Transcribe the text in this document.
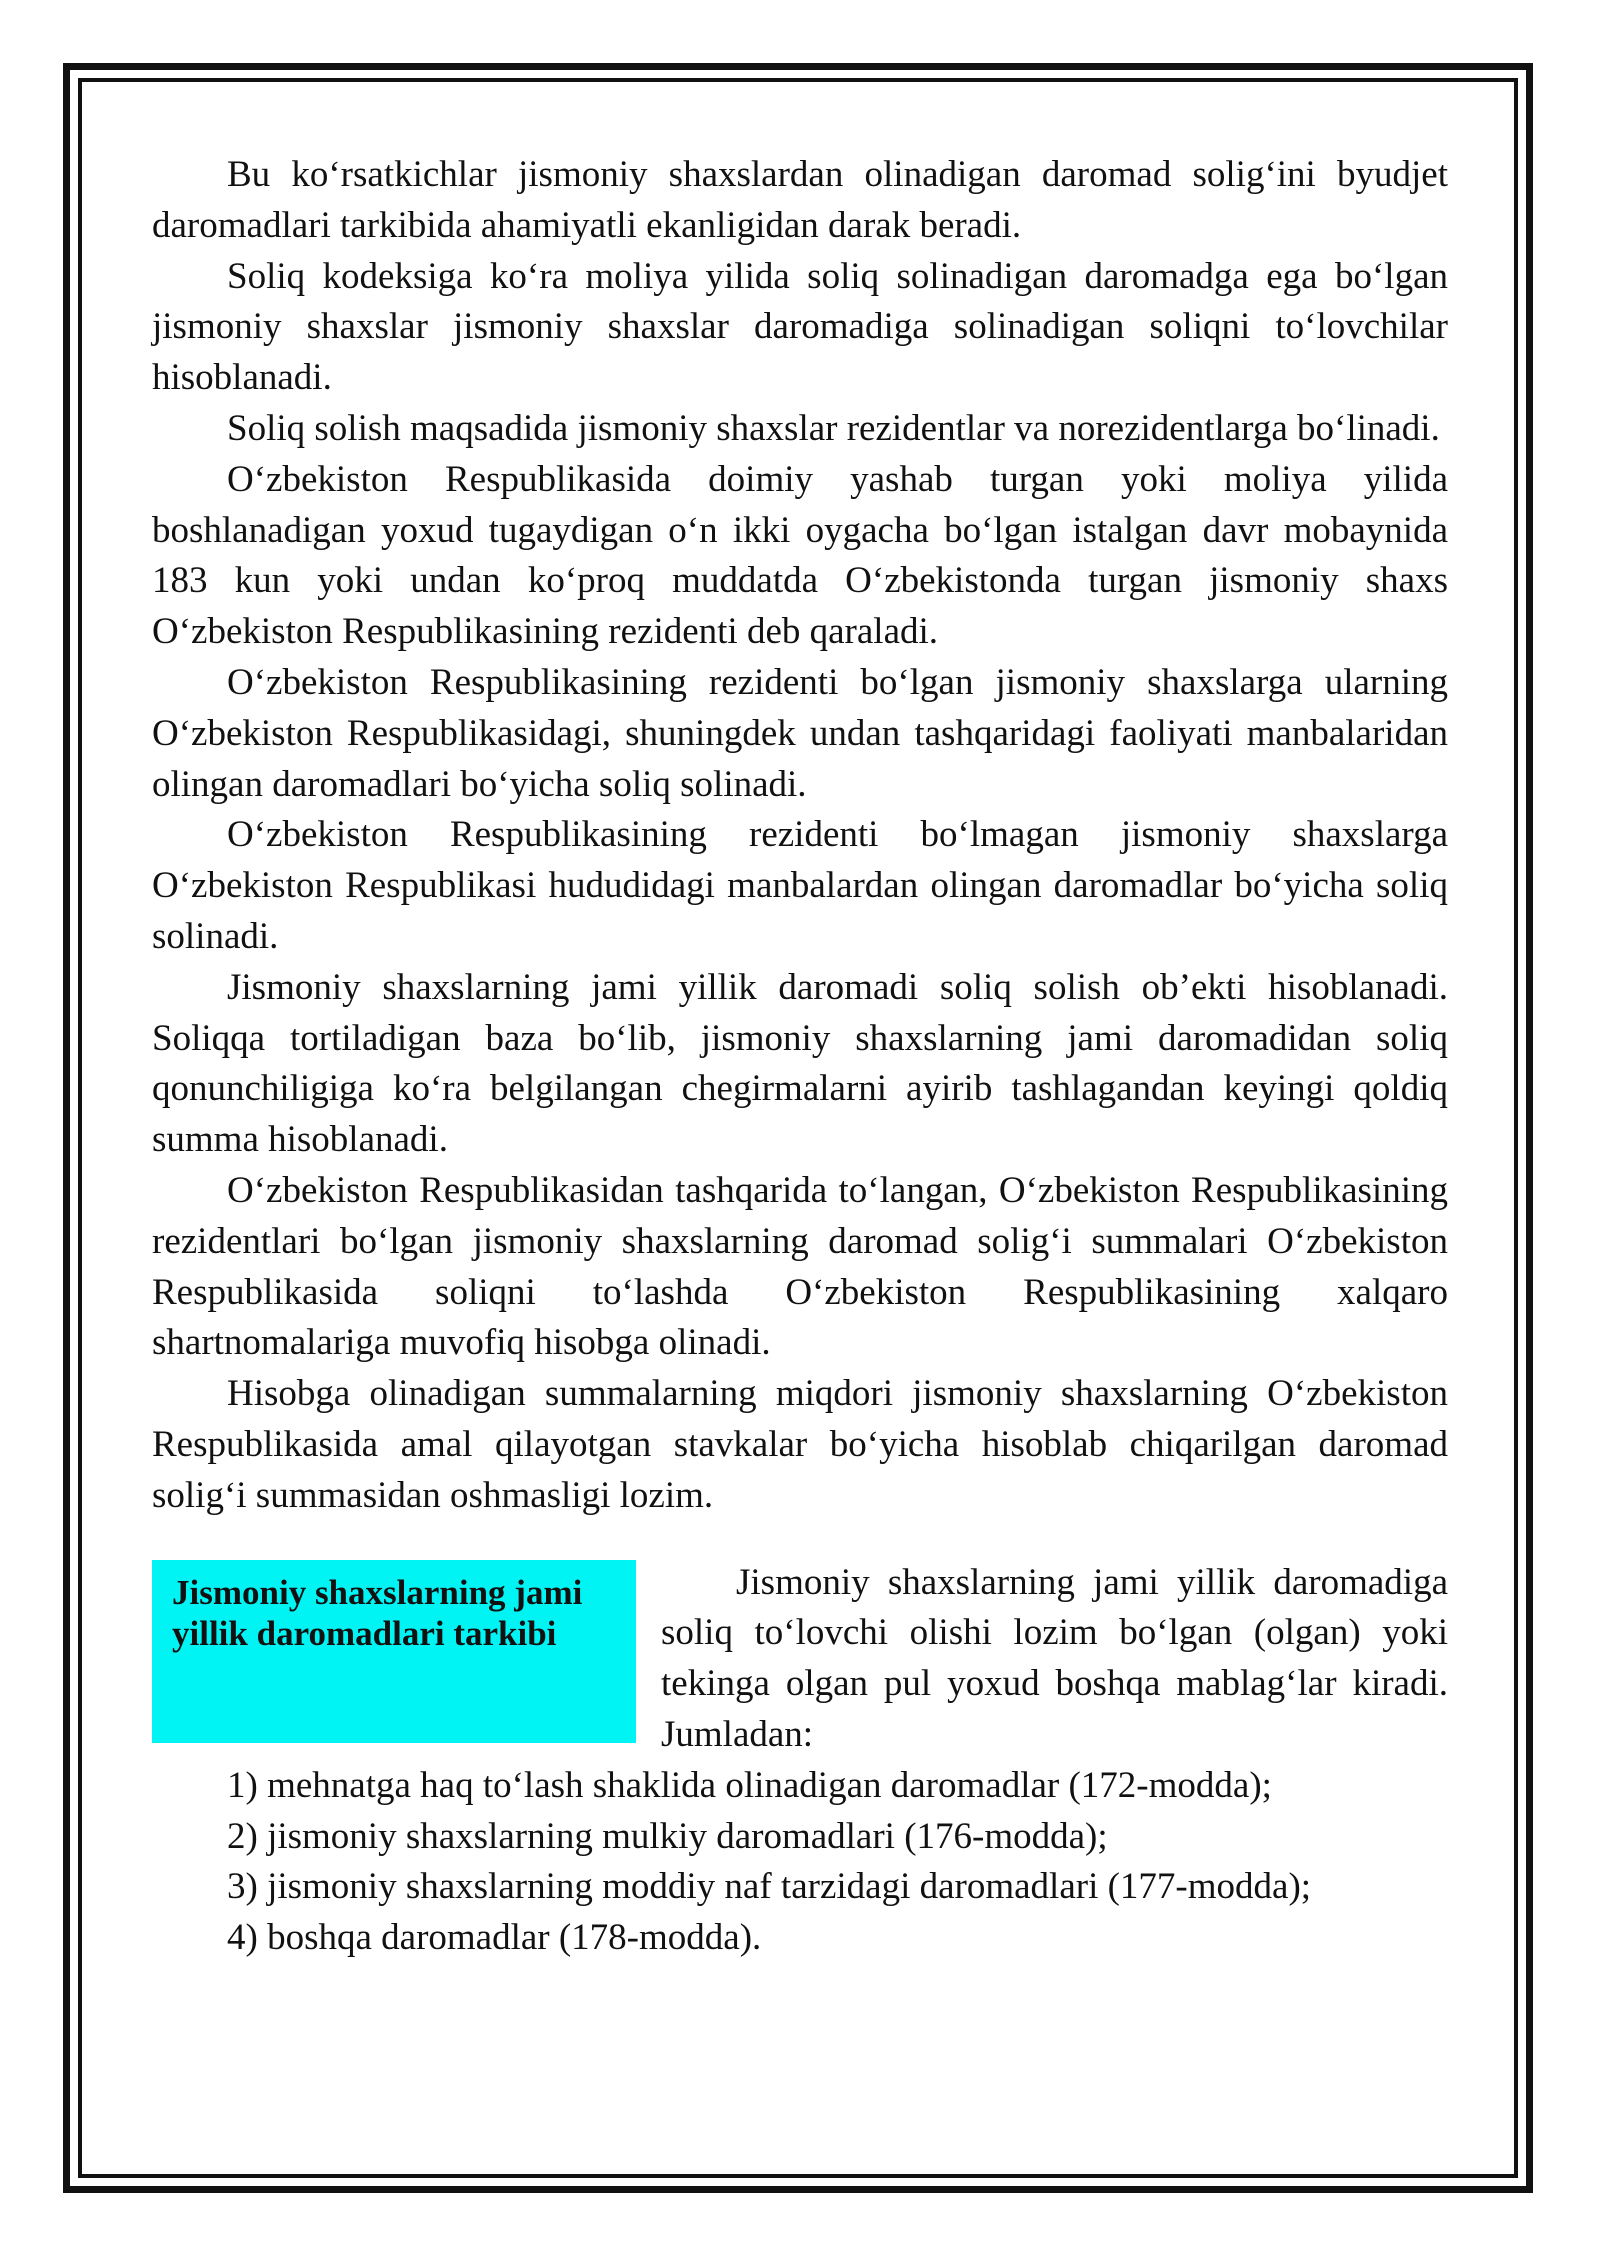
Bu ko‘rsatkichlar jismoniy shaxslardan olinadigan daromad solig‘ini byudjet daromadlari tarkibida ahamiyatli ekanligidan darak beradi.

Soliq kodeksiga ko‘ra moliya yilida soliq solinadigan daromadga ega bo‘lgan jismoniy shaxslar jismoniy shaxslar daromadiga solinadigan soliqni to‘lovchilar hisoblanadi.

Soliq solish maqsadida jismoniy shaxslar rezidentlar va norezidentlarga bo‘linadi.

O‘zbekiston Respublikasida doimiy yashab turgan yoki moliya yilida boshlanadigan yoxud tugaydigan o‘n ikki oygacha bo‘lgan istalgan davr mobaynida 183 kun yoki undan ko‘proq muddatda O‘zbekistonda turgan jismoniy shaxs O‘zbekiston Respublikasining rezidenti deb qaraladi.

O‘zbekiston Respublikasining rezidenti bo‘lgan jismoniy shaxslarga ularning O‘zbekiston Respublikasidagi, shuningdek undan tashqaridagi faoliyati manbalaridan olingan daromadlari bo‘yicha soliq solinadi.

O‘zbekiston Respublikasining rezidenti bo‘lmagan jismoniy shaxslarga O‘zbekiston Respublikasi hududidagi manbalardan olingan daromadlar bo‘yicha soliq solinadi.

Jismoniy shaxslarning jami yillik daromadi soliq solish ob’ekti hisoblanadi. Soliqqa tortiladigan baza bo‘lib, jismoniy shaxslarning jami daromadidan soliq qonunchiligiga ko‘ra belgilangan chegirmalarni ayirib tashlagandan keyingi qoldiq summa hisoblanadi.

O‘zbekiston Respublikasidan tashqarida to‘langan, O‘zbekiston Respublikasining rezidentlari bo‘lgan jismoniy shaxslarning daromad solig‘i summalari O‘zbekiston Respublikasida soliqni to‘lashda O‘zbekiston Respublikasining xalqaro shartnomalariga muvofiq hisobga olinadi.

Hisobga olinadigan summalarning miqdori jismoniy shaxslarning O‘zbekiston Respublikasida amal qilayotgan stavkalar bo‘yicha hisoblab chiqarilgan daromad solig‘i summasidan oshmasligi lozim.

Jismoniy shaxslarning jami yillik daromadlari tarkibi

Jismoniy shaxslarning jami yillik daromadiga soliq to‘lovchi olishi lozim bo‘lgan (olgan) yoki tekinga olgan pul yoxud boshqa mablag‘lar kiradi. Jumladan:

1) mehnatga haq to‘lash shaklida olinadigan daromadlar (172-modda);
2) jismoniy shaxslarning mulkiy daromadlari (176-modda);
3) jismoniy shaxslarning moddiy naf tarzidagi daromadlari (177-modda);
4) boshqa daromadlar (178-modda).
